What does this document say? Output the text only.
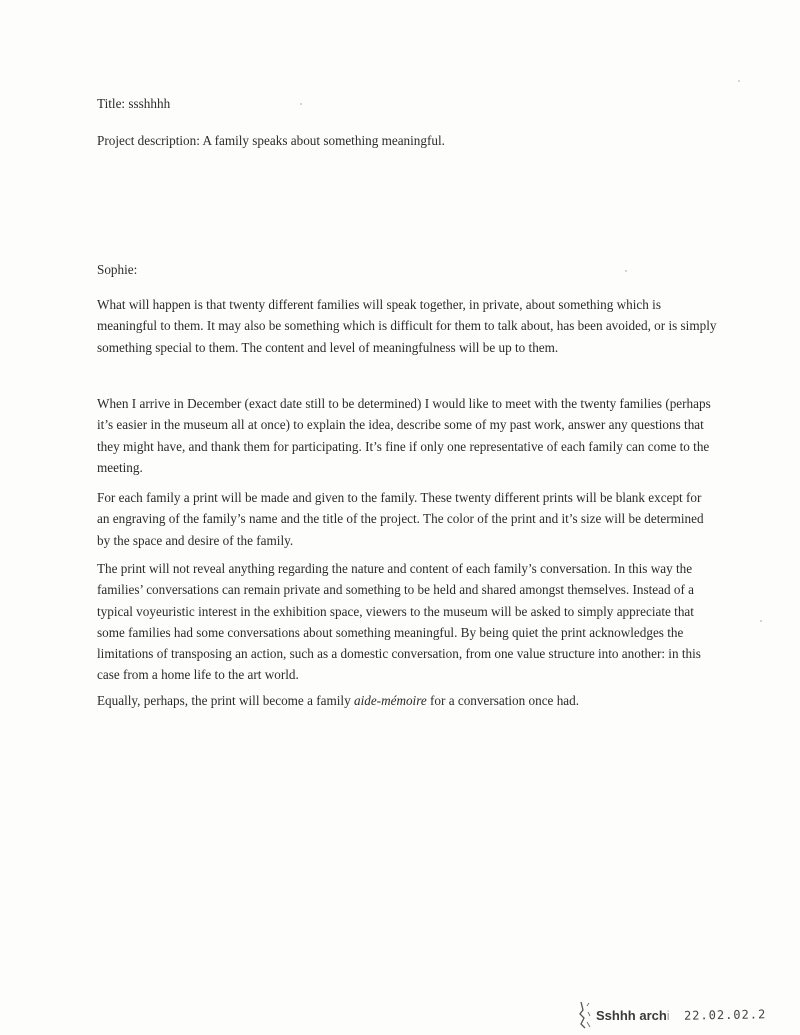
Title: ssshhhh
Project description: A family speaks about something meaningful.
Sophie:

What will happen is that twenty different families will speak together, in private, about something which is meaningful to them. It may also be something which is difficult for them to talk about, has been avoided, or is simply something special to them. The content and level of meaningfulness will be up to them.

When I arrive in December (exact date still to be determined) I would like to meet with the twenty families (perhaps it’s easier in the museum all at once) to explain the idea, describe some of my past work, answer any questions that they might have, and thank them for participating. It’s fine if only one representative of each family can come to the meeting.

For each family a print will be made and given to the family. These twenty different prints will be blank except for an engraving of the family’s name and the title of the project. The color of the print and it’s size will be determined by the space and desire of the family.

The print will not reveal anything regarding the nature and content of each family’s conversation. In this way the families’ conversations can remain private and something to be held and shared amongst themselves. Instead of a typical voyeuristic interest in the exhibition space, viewers to the museum will be asked to simply appreciate that some families had some conversations about something meaningful. By being quiet the print acknowledges the limitations of transposing an action, such as a domestic conversation, from one value structure into another: in this case from a home life to the art world.

Equally, perhaps, the print will become a family aide-mémoire for a conversation once had.

Sshhh archi 22.02.02.2
